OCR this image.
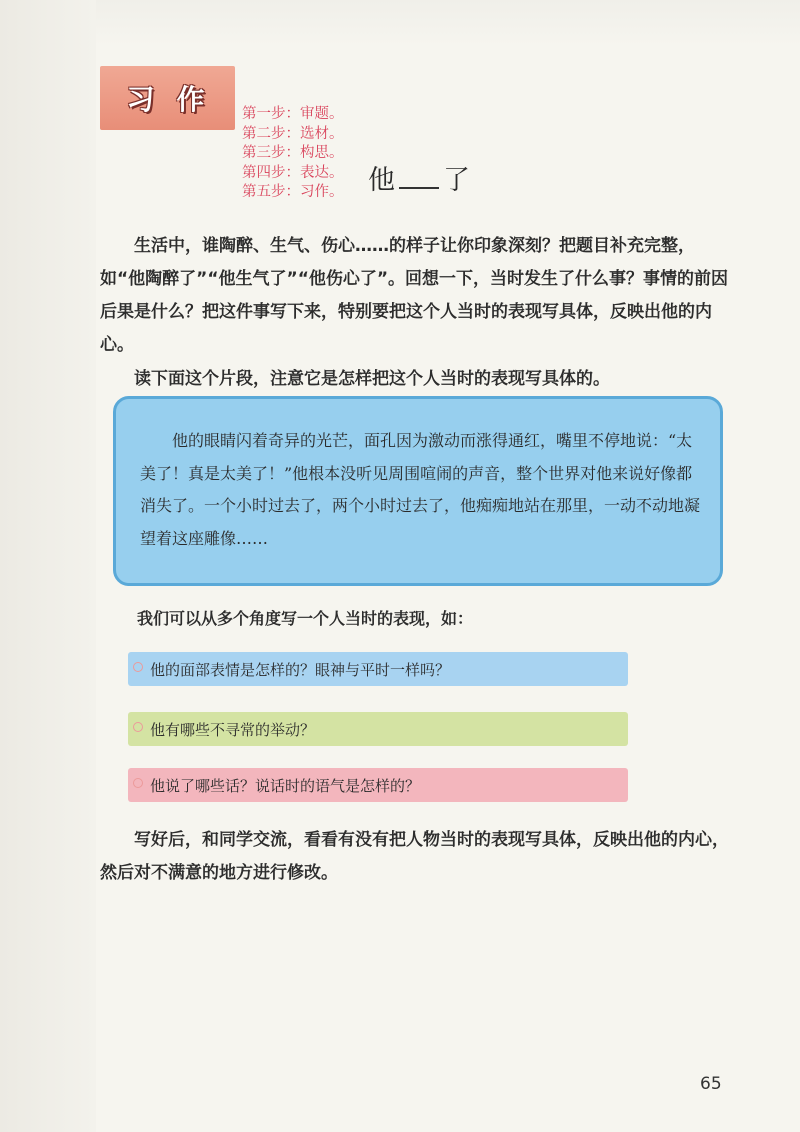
习作	第一步：审题。
第二步：选材。
第三步：构思。
第四步：表达。
第五步：习作。 他 了

生活中，谁陶醉、生气、伤心……的样子让你印象深刻？把题目补充完整，如“他陶醉了”“他生气了”“他伤心了”。回想一下，当时发生了什么事？事情的前因后果是什么？把这件事写下来，特别要把这个人当时的表现写具体，反映出他的内心。

读下面这个片段，注意它是怎样把这个人当时的表现写具体的。

他的眼睛闪着奇异的光芒，面孔因为激动而涨得通红，嘴里不停地说：“太美了！真是太美了！”他根本没听见周围喧闹的声音，整个世界对他来说好像都消失了。一个小时过去了，两个小时过去了，他痴痴地站在那里，一动不动地凝望着这座雕像……

我们可以从多个角度写一个人当时的表现，如：
他的面部表情是怎样的？眼神与平时一样吗？
他有哪些不寻常的举动？
他说了哪些话？说话时的语气是怎样的？

写好后，和同学交流，看看有没有把人物当时的表现写具体，反映出他的内心，然后对不满意的地方进行修改。

65
